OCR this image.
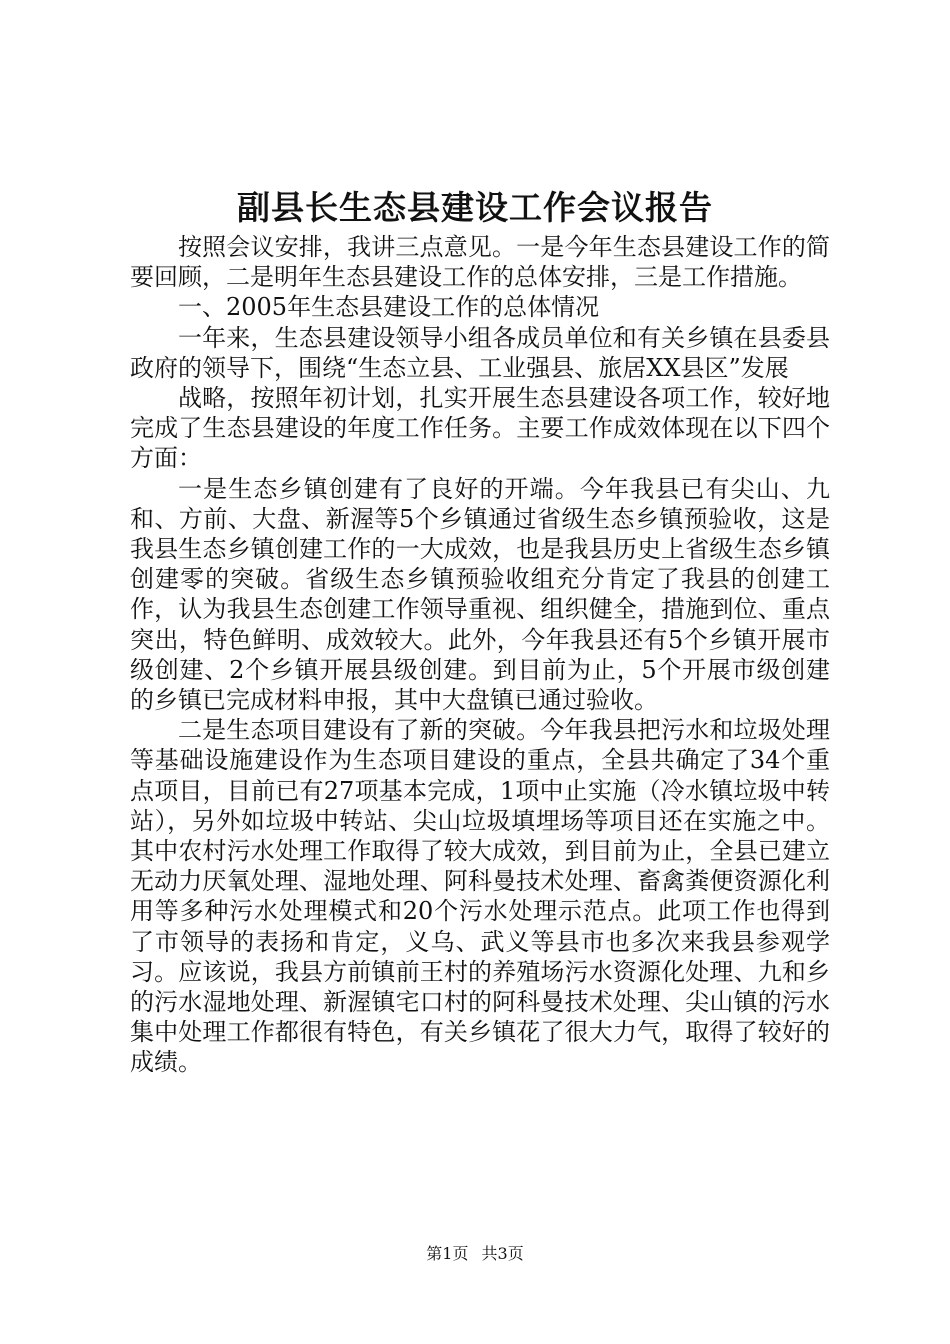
副县长生态县建设工作会议报告

按照会议安排，我讲三点意见。一是今年生态县建设工作的简要回顾，二是明年生态县建设工作的总体安排，三是工作措施。

一、2005年生态县建设工作的总体情况

一年来，生态县建设领导小组各成员单位和有关乡镇在县委县政府的领导下，围绕“生态立县、工业强县、旅居XX县区”发展

战略，按照年初计划，扎实开展生态县建设各项工作，较好地完成了生态县建设的年度工作任务。主要工作成效体现在以下四个方面：

一是生态乡镇创建有了良好的开端。今年我县已有尖山、九和、方前、大盘、新渥等5个乡镇通过省级生态乡镇预验收，这是我县生态乡镇创建工作的一大成效，也是我县历史上省级生态乡镇创建零的突破。省级生态乡镇预验收组充分肯定了我县的创建工作，认为我县生态创建工作领导重视、组织健全，措施到位、重点突出，特色鲜明、成效较大。此外，今年我县还有5个乡镇开展市级创建、2个乡镇开展县级创建。到目前为止，5个开展市级创建的乡镇已完成材料申报，其中大盘镇已通过验收。

二是生态项目建设有了新的突破。今年我县把污水和垃圾处理等基础设施建设作为生态项目建设的重点，全县共确定了34个重点项目，目前已有27项基本完成，1项中止实施（冷水镇垃圾中转站），另外如垃圾中转站、尖山垃圾填埋场等项目还在实施之中。其中农村污水处理工作取得了较大成效，到目前为止，全县已建立无动力厌氧处理、湿地处理、阿科曼技术处理、畜禽粪便资源化利用等多种污水处理模式和20个污水处理示范点。此项工作也得到了市领导的表扬和肯定，义乌、武义等县市也多次来我县参观学习。应该说，我县方前镇前王村的养殖场污水资源化处理、九和乡的污水湿地处理、新渥镇宅口村的阿科曼技术处理、尖山镇的污水集中处理工作都很有特色，有关乡镇花了很大力气，取得了较好的成绩。

第1页 共3页
